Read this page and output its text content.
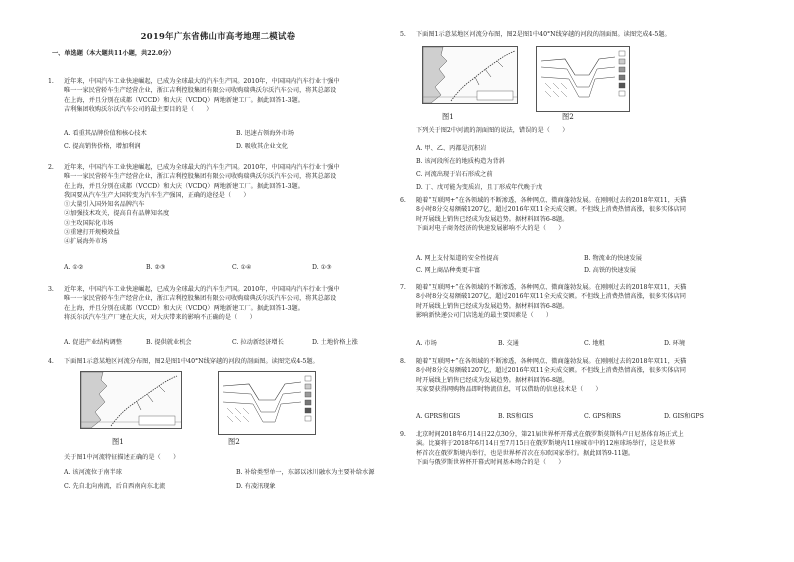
2019年广东省佛山市高考地理二模试卷
一、单选题（本大题共11小题，共22.0分）
1.	近年来，中国汽车工业快速崛起，已成为全球最大的汽车生产国。2010年，中国国内汽车行业十强中
唯一一家民营轿车生产经营企业，浙江吉利控股集团有限公司收购瑞典沃尔沃汽车公司，将其总部设
在上海，并且分别在成都（VCCD）和大庆（VCDQ）两地新建工厂。据此回答1-3题。
吉利集团收购沃尔沃汽车公司的最主要目的是（　　）
A. 看重其品牌价值和核心技术	B. 迅速占领海外市场
C. 提高销售价格，增加利润	D. 吸收其企业文化
2.	近年来，中国汽车工业快速崛起，已成为全球最大的汽车生产国。2010年，中国国内汽车行业十强中
唯一一家民营轿车生产经营企业，浙江吉利控股集团有限公司收购瑞典沃尔沃汽车公司，将其总部设
在上海，并且分别在成都（VCCD）和大庆（VCDQ）两地新建工厂。据此回答1-3题。
我国要从汽车生产大国转变为汽车生产强国，正确的途径是（　　）
①大量引入国外知名品牌汽车
②加强技术攻关，提高自有品牌知名度
③主攻国际化市场
③重建打开规模效益
④扩展海外市场
A. ①②	B. ②③	C. ①④	D. ①③
3.	近年来，中国汽车工业快速崛起，已成为全球最大的汽车生产国。2010年，中国国内汽车行业十强中
唯一一家民营轿车生产经营企业，浙江吉利控股集团有限公司收购瑞典沃尔沃汽车公司，将其总部设
在上海，并且分别在成都（VCCD）和大庆（VCDQ）两地新建工厂。据此回答1-3题。
将沃尔沃汽车生产厂建在大庆，对大庆带来的影响不正确的是（　　）
A. 促进产业结构调整	B. 提供就业机会	C. 拉动新经济增长	D. 土地价格上涨
4.	下面图1示意某地区河流分布图，图2是图1中40°N线穿越的河段的剖面图。读图完成4-5题。
图1	图2
关于图1中河流特征描述正确的是（　　）
A. 该河流位于南半球	B. 补给类型单一，东部以冰川融水为主要补给水源
C. 先自北向南流，后自西南向东北流	D. 有凌汛现象
5.	下面图1示意某地区河流分布图，图2是图1中40°N线穿越的河段的剖面图。读图完成4-5题。
图1	图2
下列关于图2中河流的剖面图的说法，错误的是（　　）
A. 甲、乙、丙都是沉积岩
B. 该河段所在的地质构造为背斜
C. 河流出现于岩石形成之前
D. 丁、戊可能为变质岩，且丁形成年代晚于戊
6.	随着“互联网+”在各领域的不断渗透，各种网点、微商蓬勃发展。在刚刚过去的2018年双11，天猫
8小时8分交易额破1207亿，超过2016年双11全天成交额。不但线上消费热情高涨，很多实体店同
时开展线上销售已经成为发展趋势。据材料回答6-8题。
下面对电子商务经济的快速发展影响不大的是（　　）
A. 网上支付渠道的安全性提高	B. 物流业的快速发展
C. 网上商品种类更丰富	D. 高铁的快速发展
7.	随着“互联网+”在各领域的不断渗透，各种网点、微商蓬勃发展。在刚刚过去的2018年双11，天猫
8小时8分交易额破1207亿，超过2016年双11全天成交额。不但线上消费热情高涨，很多实体店同
时开展线上销售已经成为发展趋势。据材料回答6-8题。
影响新快递公司门店选址的最主要因素是（　　）
A. 市场	B. 交通	C. 地租	D. 环境
8.	随着“互联网+”在各领域的不断渗透，各种网点、微商蓬勃发展。在刚刚过去的2018年双11，天猫
8小时8分交易额破1207亿，超过2016年双11全天成交额。不但线上消费热情高涨，很多实体店同
时开展线上销售已经成为发展趋势。据材料回答6-8题。
买家要获得网购物品即时物流信息，可以借助的信息技术是（　　）
A. GPRS和GIS	B. RS和GIS	C. GPS和RS	D. GIS和GPS
9.	北京时间2018年6月14日22点30分，第21届世界杯开幕式在俄罗斯莫斯科卢日尼基体育场正式上
演。比赛将于2018年6月14日至7月15日在俄罗斯境内11座城市中的12座球场举行，这是世界
杯首次在俄罗斯境内举行，也是世界杯首次在东欧国家举行。据此回答9-11题。
下面与俄罗斯世界杯开幕式时间基本吻合的是（　　）
